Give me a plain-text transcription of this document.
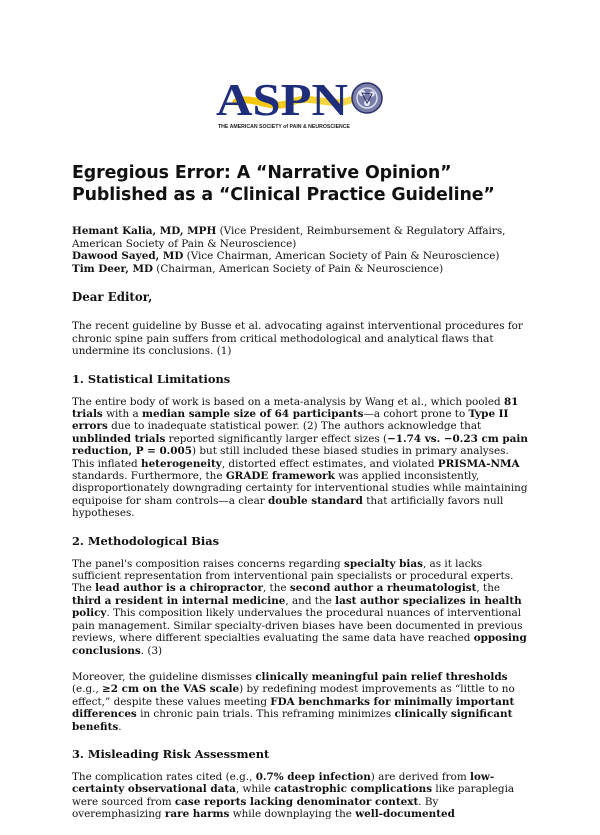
ASPN
THE AMERICAN SOCIETY of PAIN & NEUROSCIENCE
Egregious Error: A “Narrative Opinion” Published as a “Clinical Practice Guideline”
Hemant Kalia, MD, MPH (Vice President, Reimbursement & Regulatory Affairs, American Society of Pain & Neuroscience)
Dawood Sayed, MD (Vice Chairman, American Society of Pain & Neuroscience)
Tim Deer, MD (Chairman, American Society of Pain & Neuroscience)
Dear Editor,

The recent guideline by Busse et al. advocating against interventional procedures for chronic spine pain suffers from critical methodological and analytical flaws that undermine its conclusions. (1)

1. Statistical Limitations

The entire body of work is based on a meta-analysis by Wang et al., which pooled 81 trials with a median sample size of 64 participants—a cohort prone to Type II errors due to inadequate statistical power. (2) The authors acknowledge that unblinded trials reported significantly larger effect sizes (−1.74 vs. −0.23 cm pain reduction, P = 0.005) but still included these biased studies in primary analyses. This inflated heterogeneity, distorted effect estimates, and violated PRISMA-NMA standards. Furthermore, the GRADE framework was applied inconsistently, disproportionately downgrading certainty for interventional studies while maintaining equipoise for sham controls—a clear double standard that artificially favors null hypotheses.

2. Methodological Bias

The panel's composition raises concerns regarding specialty bias, as it lacks sufficient representation from interventional pain specialists or procedural experts. The lead author is a chiropractor, the second author a rheumatologist, the third a resident in internal medicine, and the last author specializes in health policy. This composition likely undervalues the procedural nuances of interventional pain management. Similar specialty-driven biases have been documented in previous reviews, where different specialties evaluating the same data have reached opposing conclusions. (3)

Moreover, the guideline dismisses clinically meaningful pain relief thresholds (e.g., ≥2 cm on the VAS scale) by redefining modest improvements as “little to no effect,” despite these values meeting FDA benchmarks for minimally important differences in chronic pain trials. This reframing minimizes clinically significant benefits.

3. Misleading Risk Assessment

The complication rates cited (e.g., 0.7% deep infection) are derived from low-certainty observational data, while catastrophic complications like paraplegia were sourced from case reports lacking denominator context. By overemphasizing rare harms while downplaying the well-documented
